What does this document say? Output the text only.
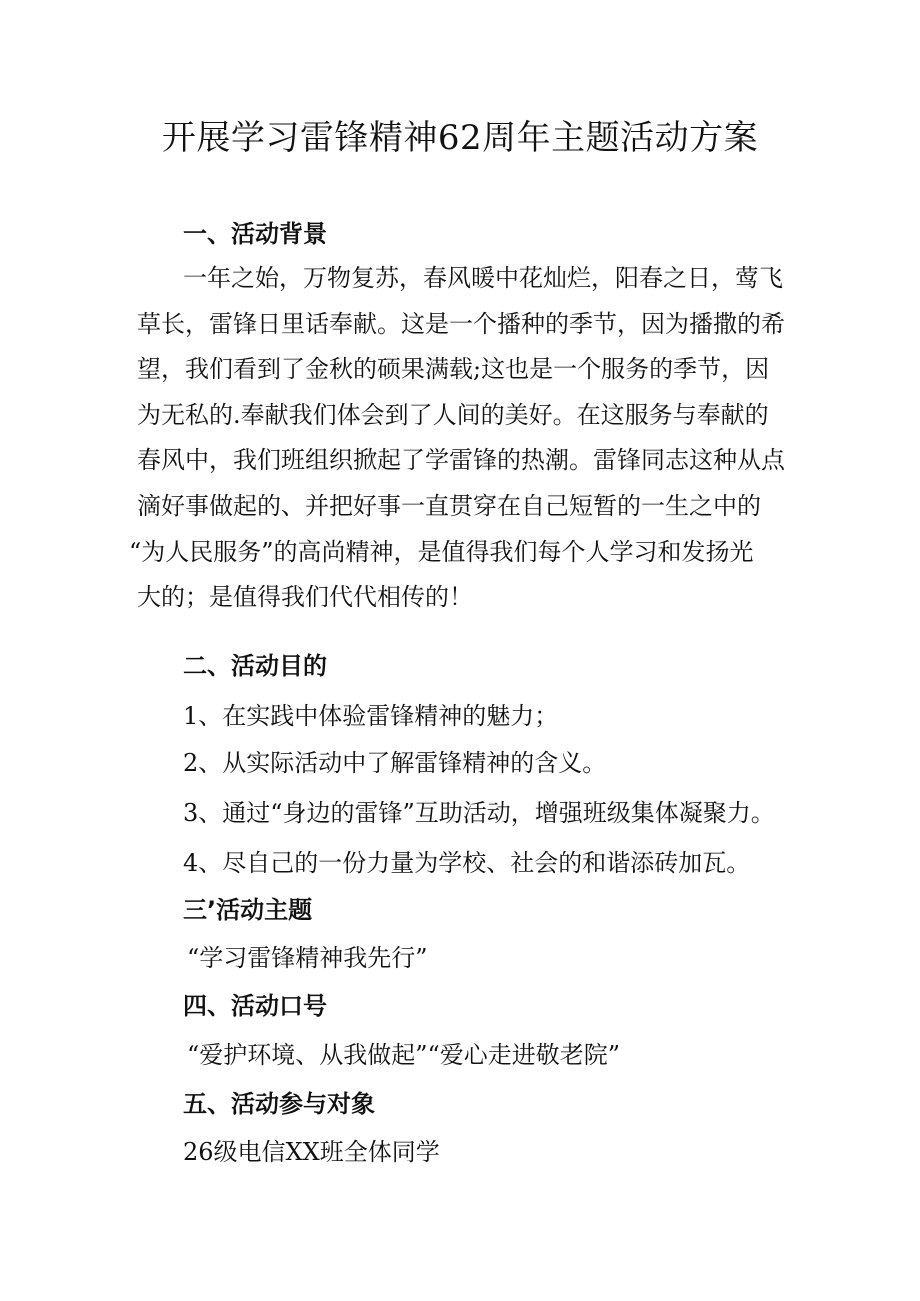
开展学习雷锋精神62周年主题活动方案
一、活动背景
一年之始，万物复苏，春风暖中花灿烂，阳春之日，莺飞
草长，雷锋日里话奉献。这是一个播种的季节，因为播撒的希
望，我们看到了金秋的硕果满载;这也是一个服务的季节，因
为无私的.奉献我们体会到了人间的美好。在这服务与奉献的
春风中，我们班组织掀起了学雷锋的热潮。雷锋同志这种从点
滴好事做起的、并把好事一直贯穿在自己短暂的一生之中的
“为人民服务”的高尚精神，是值得我们每个人学习和发扬光
大的；是值得我们代代相传的！
二、活动目的
1、在实践中体验雷锋精神的魅力；
2、从实际活动中了解雷锋精神的含义。
3、通过“身边的雷锋”互助活动，增强班级集体凝聚力。
4、尽自己的一份力量为学校、社会的和谐添砖加瓦。
三’活动主题
“学习雷锋精神我先行”
四、活动口号
“爱护环境、从我做起”“爱心走进敬老院”
五、活动参与对象
26级电信XX班全体同学
